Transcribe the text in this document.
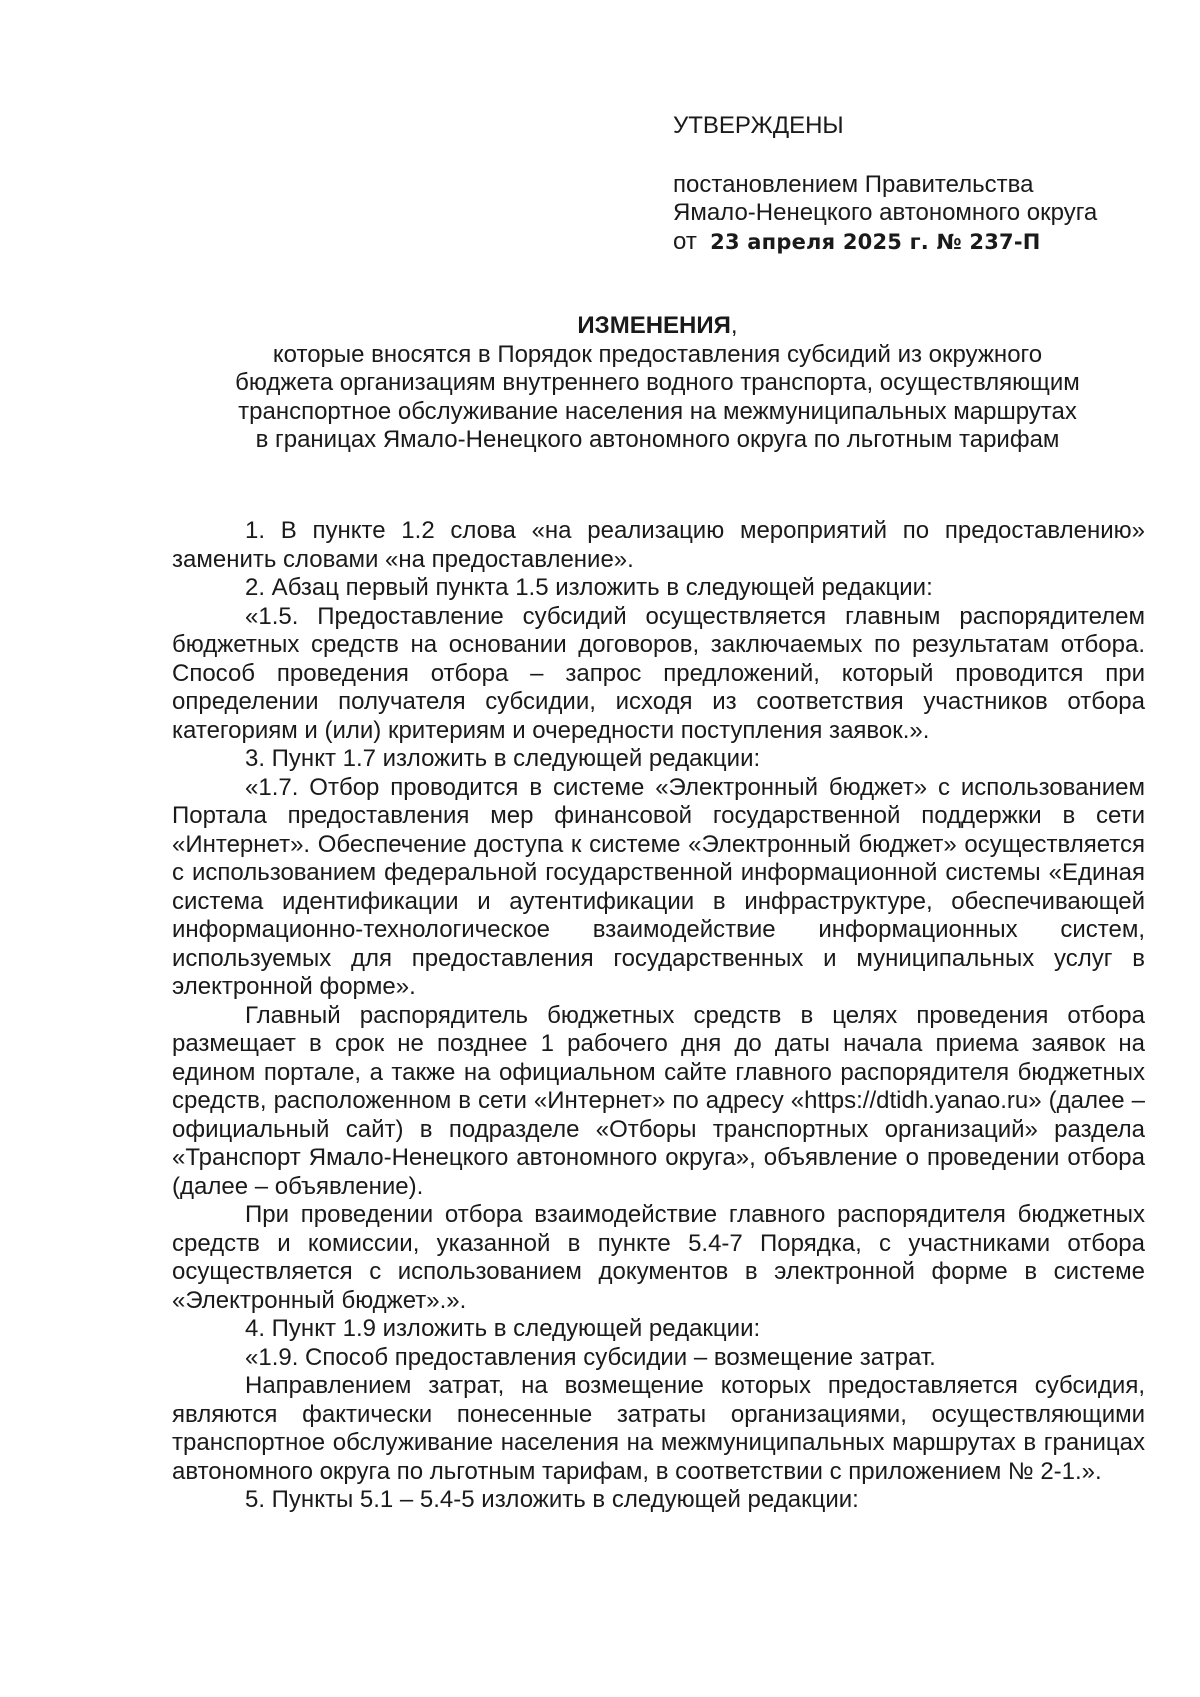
УТВЕРЖДЕНЫ
постановлением Правительства
Ямало-Ненецкого автономного округа
от 23 апреля 2025 г. № 237-П
ИЗМЕНЕНИЯ,
которые вносятся в Порядок предоставления субсидий из окружного
бюджета организациям внутреннего водного транспорта, осуществляющим
транспортное обслуживание населения на межмуниципальных маршрутах
в границах Ямало-Ненецкого автономного округа по льготным тарифам

1. В пункте 1.2 слова «на реализацию мероприятий по предоставлению» заменить словами «на предоставление».

2. Абзац первый пункта 1.5 изложить в следующей редакции:

«1.5. Предоставление субсидий осуществляется главным распорядителем бюджетных средств на основании договоров, заключаемых по результатам отбора. Способ проведения отбора – запрос предложений, который проводится при определении получателя субсидии, исходя из соответствия участников отбора категориям и (или) критериям и очередности поступления заявок.».

3. Пункт 1.7 изложить в следующей редакции:

«1.7. Отбор проводится в системе «Электронный бюджет» с использованием Портала предоставления мер финансовой государственной поддержки в сети «Интернет». Обеспечение доступа к системе «Электронный бюджет» осуществляется с использованием федеральной государственной информационной системы «Единая система идентификации и аутентификации в инфраструктуре, обеспечивающей информационно-технологическое взаимодействие информационных систем, используемых для предоставления государственных и муниципальных услуг в электронной форме».

Главный распорядитель бюджетных средств в целях проведения отбора размещает в срок не позднее 1 рабочего дня до даты начала приема заявок на едином портале, а также на официальном сайте главного распорядителя бюджетных средств, расположенном в сети «Интернет» по адресу «https://dtidh.yanao.ru» (далее – официальный сайт) в подразделе «Отборы транспортных организаций» раздела «Транспорт Ямало-Ненецкого автономного округа», объявление о проведении отбора (далее – объявление).

При проведении отбора взаимодействие главного распорядителя бюджетных средств и комиссии, указанной в пункте 5.4-7 Порядка, с участниками отбора осуществляется с использованием документов в электронной форме в системе «Электронный бюджет».».

4. Пункт 1.9 изложить в следующей редакции:

«1.9. Способ предоставления субсидии – возмещение затрат.

Направлением затрат, на возмещение которых предоставляется субсидия, являются фактически понесенные затраты организациями, осуществляющими транспортное обслуживание населения на межмуниципальных маршрутах в границах автономного округа по льготным тарифам, в соответствии с приложением № 2-1.».

5. Пункты 5.1 – 5.4-5 изложить в следующей редакции:
